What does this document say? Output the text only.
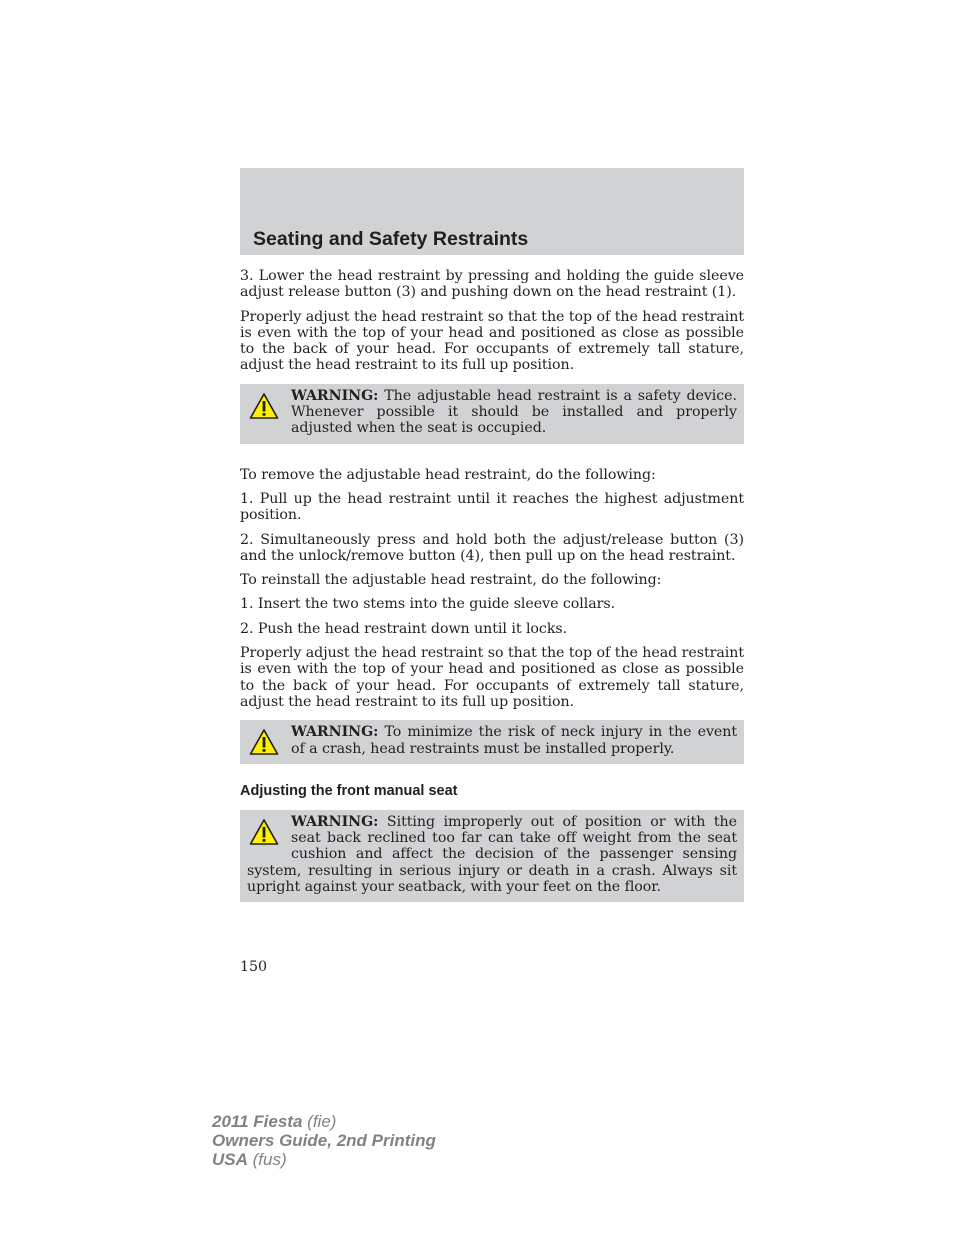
Seating and Safety Restraints

3. Lower the head restraint by pressing and holding the guide sleeve adjust release button (3) and pushing down on the head restraint (1).

Properly adjust the head restraint so that the top of the head restraint is even with the top of your head and positioned as close as possible to the back of your head. For occupants of extremely tall stature, adjust the head restraint to its full up position.

WARNING: The adjustable head restraint is a safety device. Whenever possible it should be installed and properly adjusted when the seat is occupied.

To remove the adjustable head restraint, do the following:

1. Pull up the head restraint until it reaches the highest adjustment position.

2. Simultaneously press and hold both the adjust/release button (3) and the unlock/remove button (4), then pull up on the head restraint.

To reinstall the adjustable head restraint, do the following:

1. Insert the two stems into the guide sleeve collars.

2. Push the head restraint down until it locks.

Properly adjust the head restraint so that the top of the head restraint is even with the top of your head and positioned as close as possible to the back of your head. For occupants of extremely tall stature, adjust the head restraint to its full up position.

WARNING: To minimize the risk of neck injury in the event of a crash, head restraints must be installed properly.
Adjusting the front manual seat
WARNING: Sitting improperly out of position or with the seat back reclined too far can take off weight from the seat cushion and affect the decision of the passenger sensing system, resulting in serious injury or death in a crash. Always sit upright against your seatback, with your feet on the floor.
150
2011 Fiesta (fie)
Owners Guide, 2nd Printing
USA (fus)
